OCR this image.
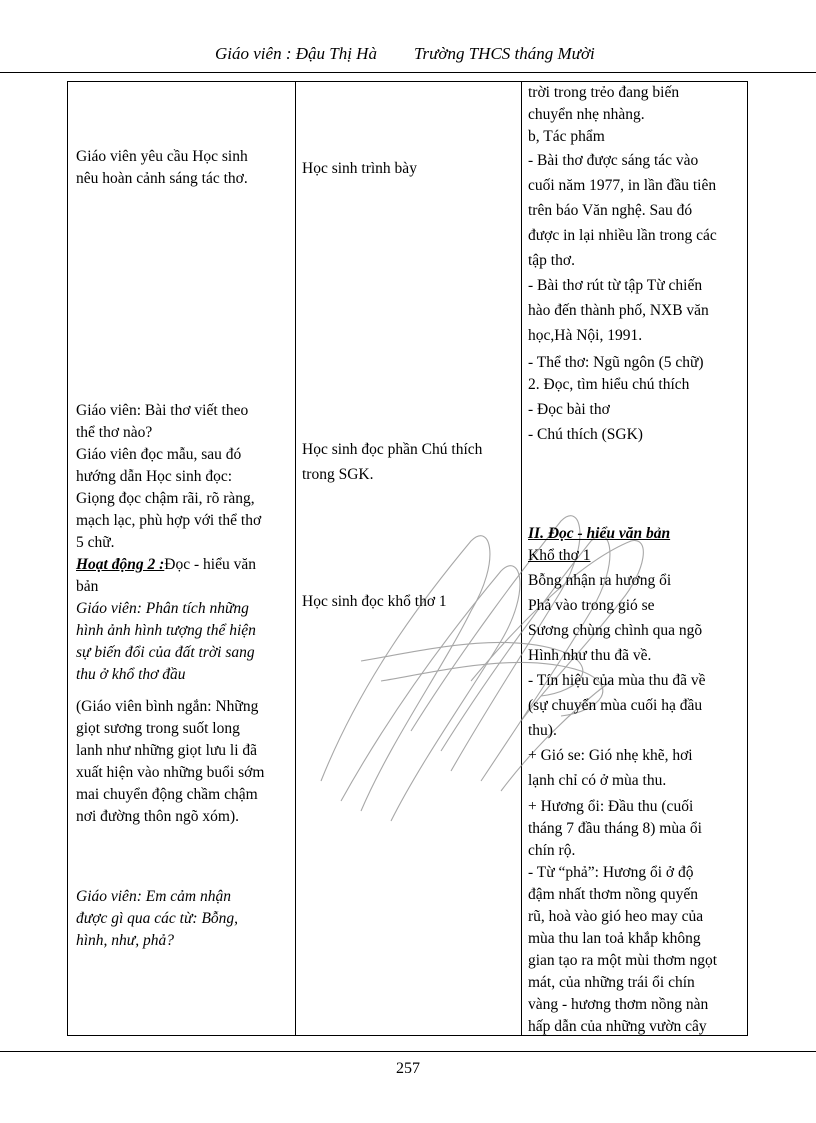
Giáo viên : Đậu Thị Hà Trường THCS tháng Mười
Giáo viên yêu cầu Học sinh
nêu hoàn cảnh sáng tác thơ.
Giáo viên: Bài thơ viết theo
thể thơ nào?
Giáo viên đọc mẫu, sau đó
hướng dẫn Học sinh đọc:
Giọng đọc chậm rãi, rõ ràng,
mạch lạc, phù hợp với thể thơ
5 chữ.
Hoạt động 2 :Đọc - hiểu văn
bản
Giáo viên: Phân tích những
hình ảnh hình tượng thể hiện
sự biến đổi của đất trời sang
thu ở khổ thơ đầu
(Giáo viên bình ngắn: Những
giọt sương trong suốt long
lanh như những giọt lưu li đã
xuất hiện vào những buổi sớm
mai chuyển động chầm chậm
nơi đường thôn ngõ xóm).
Giáo viên: Em cảm nhận
được gì qua các từ: Bỗng,
hình, như, phả?
Học sinh trình bày
Học sinh đọc phần Chú thích
trong SGK.
Học sinh đọc khổ thơ 1
trời trong trẻo đang biến
chuyển nhẹ nhàng.
b, Tác phẩm
- Bài thơ được sáng tác vào
cuối năm 1977, in lần đầu tiên
trên báo Văn nghệ. Sau đó
được in lại nhiều lần trong các
tập thơ.
- Bài thơ rút từ tập Từ chiến
hào đến thành phố, NXB văn
học,Hà Nội, 1991.
- Thể thơ: Ngũ ngôn (5 chữ)
2. Đọc, tìm hiểu chú thích
- Đọc bài thơ
- Chú thích (SGK)
II. Đọc - hiểu văn bản
Khổ thơ 1
Bỗng nhận ra hương ổi
Phả vào trong gió se
Sương chùng chình qua ngõ
Hình như thu đã về.
- Tín hiệu của mùa thu đã về
(sự chuyển mùa cuối hạ đầu
thu).
+ Gió se: Gió nhẹ khẽ, hơi
lạnh chỉ có ở mùa thu.
+ Hương ổi: Đầu thu (cuối
tháng 7 đầu tháng 8) mùa ổi
chín rộ.
- Từ “phả”: Hương ổi ở độ
đậm nhất thơm nồng quyến
rũ, hoà vào gió heo may của
mùa thu lan toả khắp không
gian tạo ra một mùi thơm ngọt
mát, của những trái ổi chín
vàng - hương thơm nồng nàn
hấp dẫn của những vườn cây
257
